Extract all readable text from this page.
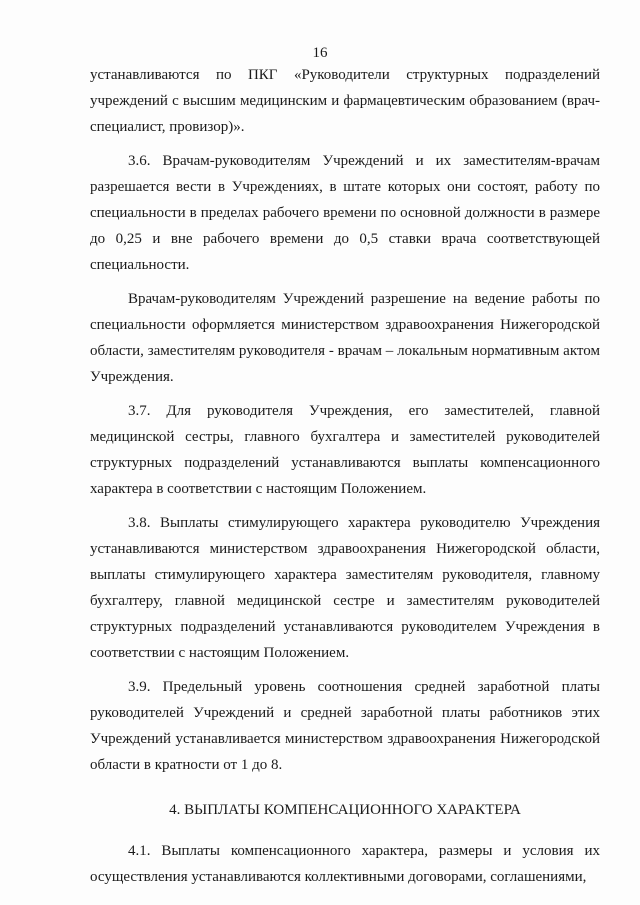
16

устанавливаются по ПКГ «Руководители структурных подразделений учреждений с высшим медицинским и фармацевтическим образованием (врач-специалист, провизор)».

3.6. Врачам-руководителям Учреждений и их заместителям-врачам разрешается вести в Учреждениях, в штате которых они состоят, работу по специальности в пределах рабочего времени по основной должности в размере до 0,25 и вне рабочего времени до 0,5 ставки врача соответствующей специальности.

Врачам-руководителям Учреждений разрешение на ведение работы по специальности оформляется министерством здравоохранения Нижегородской области, заместителям руководителя - врачам – локальным нормативным актом Учреждения.

3.7. Для руководителя Учреждения, его заместителей, главной медицинской сестры, главного бухгалтера и заместителей руководителей структурных подразделений устанавливаются выплаты компенсационного характера в соответствии с настоящим Положением.

3.8. Выплаты стимулирующего характера руководителю Учреждения устанавливаются министерством здравоохранения Нижегородской области, выплаты стимулирующего характера заместителям руководителя, главному бухгалтеру, главной медицинской сестре и заместителям руководителей структурных подразделений устанавливаются руководителем Учреждения в соответствии с настоящим Положением.

3.9. Предельный уровень соотношения средней заработной платы руководителей Учреждений и средней заработной платы работников этих Учреждений устанавливается министерством здравоохранения Нижегородской области в кратности от 1 до 8.

4. ВЫПЛАТЫ КОМПЕНСАЦИОННОГО ХАРАКТЕРА

4.1. Выплаты компенсационного характера, размеры и условия их осуществления устанавливаются коллективными договорами, соглашениями,
